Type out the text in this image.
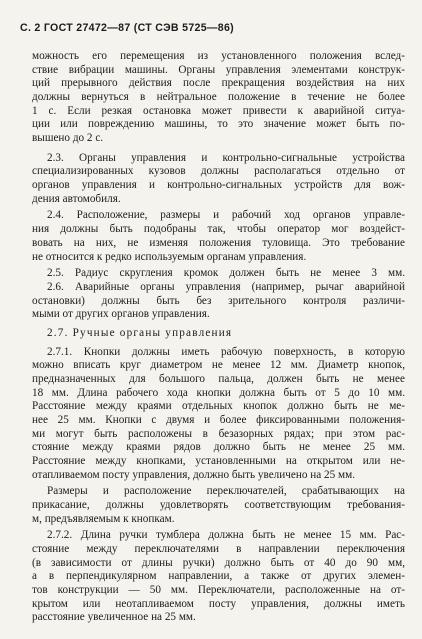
С. 2 ГОСТ 27472—87 (СТ СЭВ 5725—86)
можность его перемещения из установленного положения вслед-
ствие вибрации машины. Органы управления элементами конструк-
ций прерывного действия после прекращения воздействия на них
должны вернуться в нейтральное положение в течение не более
1 с. Если резкая остановка может привести к аварийной ситуа-
ции или повреждению машины, то это значение может быть по-
вышено до 2 с.
2.3. Органы управления и контрольно-сигнальные устройства
специализированных кузовов должны располагаться отдельно от
органов управления и контрольно-сигнальных устройств для вож-
дения автомобиля.
2.4. Расположение, размеры и рабочий ход органов управле-
ния должны быть подобраны так, чтобы оператор мог воздейст-
вовать на них, не изменяя положения туловища. Это требование
не относится к редко используемым органам управления.
2.5. Радиус скругления кромок должен быть не менее 3 мм.
2.6. Аварийные органы управления (например, рычаг аварийной
остановки) должны быть без зрительного контроля различи-
мыми от других органов управления.
2.7. Ручные органы управления
2.7.1. Кнопки должны иметь рабочую поверхность, в которую
можно вписать круг диаметром не менее 12 мм. Диаметр кнопок,
предназначенных для большого пальца, должен быть не менее
18 мм. Длина рабочего хода кнопки должна быть от 5 до 10 мм.
Расстояние между краями отдельных кнопок должно быть не ме-
нее 25 мм. Кнопки с двумя и более фиксированными положения-
ми могут быть расположены в безазорных рядах; при этом рас-
стояние между краями рядов должно быть не менее 25 мм.
Расстояние между кнопками, установленными на открытом или не-
отапливаемом посту управления, должно быть увеличено на 25 мм.
Размеры и расположение переключателей, срабатывающих на
прикасание, должны удовлетворять соответствующим требования-
м, предъявляемым к кнопкам.
2.7.2. Длина ручки тумблера должна быть не менее 15 мм. Рас-
стояние между переключателями в направлении переключения
(в зависимости от длины ручки) должно быть от 40 до 90 мм,
а в перпендикулярном направлении, а также от других элемен-
тов конструкции — 50 мм. Переключатели, расположенные на от-
крытом или неотапливаемом посту управления, должны иметь
расстояние увеличенное на 25 мм.
